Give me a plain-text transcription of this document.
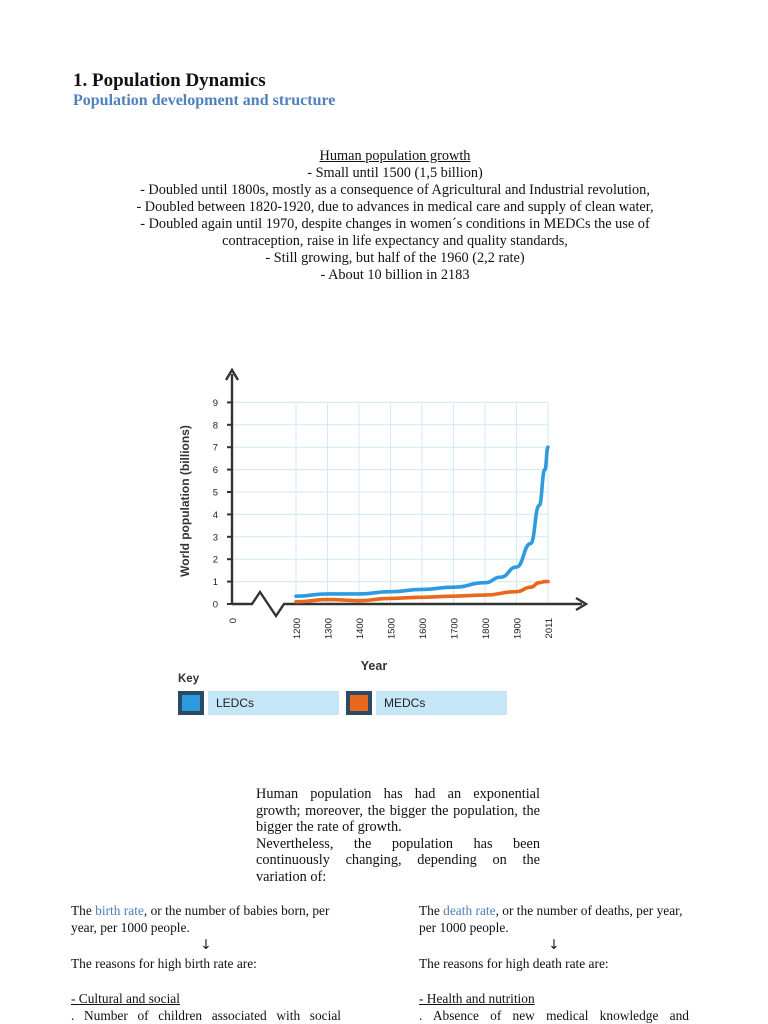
1. Population Dynamics
Population development and structure
Human population growth
- Small until 1500 (1,5 billion)
- Doubled until 1800s, mostly as a consequence of Agricultural and Industrial revolution,
- Doubled between 1820-1920, due to advances in medical care and supply of clean water,
- Doubled again until 1970, despite changes in women´s conditions in MEDCs the use of
contraception, raise in life expectancy and quality standards,
- Still growing, but half of the 1960 (2,2 rate)
- About 10 billion in 2183
0
1
2
3
4
5
6
7
8
9
0	1200 1300 1400 1500 1600 1700 1800 1900 2011
Year
World population (billions)
Key
LEDCs	MEDCs

Human population has had an exponential growth; moreover, the bigger the population, the bigger the rate of growth.

Nevertheless, the population has been continuously changing, depending on the variation of:

The birth rate, or the number of babies born, per year, per 1000 people.

↓

The reasons for high birth rate are:

- Cultural and social

. Number of children associated with social

The death rate, or the number of deaths, per year, per 1000 people.

↓

The reasons for high death rate are:

- Health and nutrition

. Absence of new medical knowledge and
